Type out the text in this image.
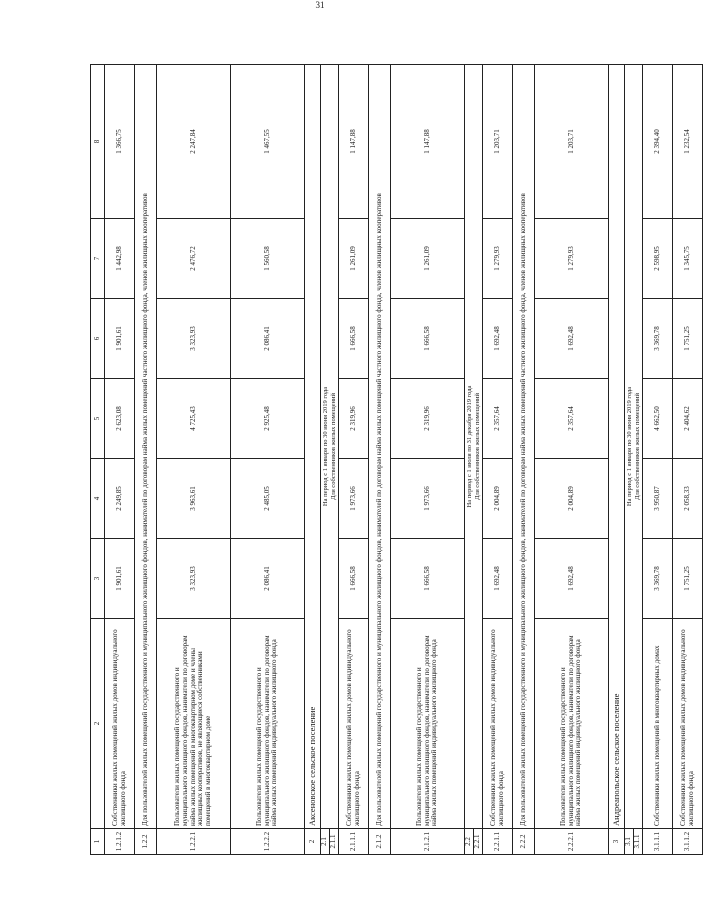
31
1	2	3	4	5	6	7	8
1.2.1.2	Собственники жилых помещений жилых домов индивидуального жилищного фонда	1 901,61	2 249,85	2 623,08	1 901,61	1 442,98	1 366,75
1.2.2	Для пользователей жилых помещений государственного и муниципального жилищного фондов, нанимателей по договорам найма жилых помещений частного жилищного фонда, членов жилищных кооперативов						
1.2.2.1	Пользователи жилых помещений государственного и муниципального жилищного фондов, наниматели по договорам найма жилых помещений в многоквартирном доме и члены жилищных кооперативов, не являющиеся собственниками помещений в многоквартирном доме	3 323,93	3 963,61	4 725,43	3 323,93	2 476,72	2 247,84
1.2.2.2	Пользователи жилых помещений государственного и муниципального жилищного фондов, наниматели по договорам найма жилых помещений индивидуального жилищного фонда	2 086,41	2 485,05	2 925,48	2 086,41	1 560,58	1 467,55
2	Аксеновское сельское поселение						
2.1	На период с 1 января по 30 июня 2019 года						
2.1.1	Для собственников жилых помещений						
2.1.1.1	Собственники жилых помещений жилых домов индивидуального жилищного фонда	1 666,58	1 973,66	2 319,96	1 666,58	1 261,09	1 147,88
2.1.2	Для пользователей жилых помещений государственного и муниципального жилищного фондов, нанимателей по договорам найма жилых помещений частного жилищного фонда, членов жилищных кооперативов						
2.1.2.1	Пользователи жилых помещений государственного и муниципального жилищного фондов, наниматели по договорам найма жилых помещений индивидуального жилищного фонда	1 666,58	1 973,66	2 319,96	1 666,58	1 261,09	1 147,88
2.2	На период с 1 июля по 31 декабря 2019 года						
2.2.1	Для собственников жилых помещений						
2.2.1.1	Собственники жилых помещений жилых домов индивидуального жилищного фонда	1 692,48	2 004,89	2 357,64	1 692,48	1 279,93	1 203,71
2.2.2	Для пользователей жилых помещений государственного и муниципального жилищного фондов, нанимателей по договорам найма жилых помещений частного жилищного фонда, членов жилищных кооперативов						
2.2.2.1	Пользователи жилых помещений государственного и муниципального жилищного фондов, наниматели по договорам найма жилых помещений индивидуального жилищного фонда	1 692,48	2 004,89	2 357,64	1 692,48	1 279,93	1 203,71
3	Андреапольское сельское поселение						
3.1	На период с 1 января по 30 июня 2019 года						
3.1.1	Для собственников жилых помещений						
3.1.1.1	Собственники жилых помещений в многоквартирных домах	3 369,78	3 950,87	4 662,50	3 369,78	2 598,95	2 394,40
3.1.1.2	Собственники жилых помещений жилых домов индивидуального жилищного фонда	1 751,25	2 058,33	2 404,62	1 751,25	1 345,75	1 232,54
